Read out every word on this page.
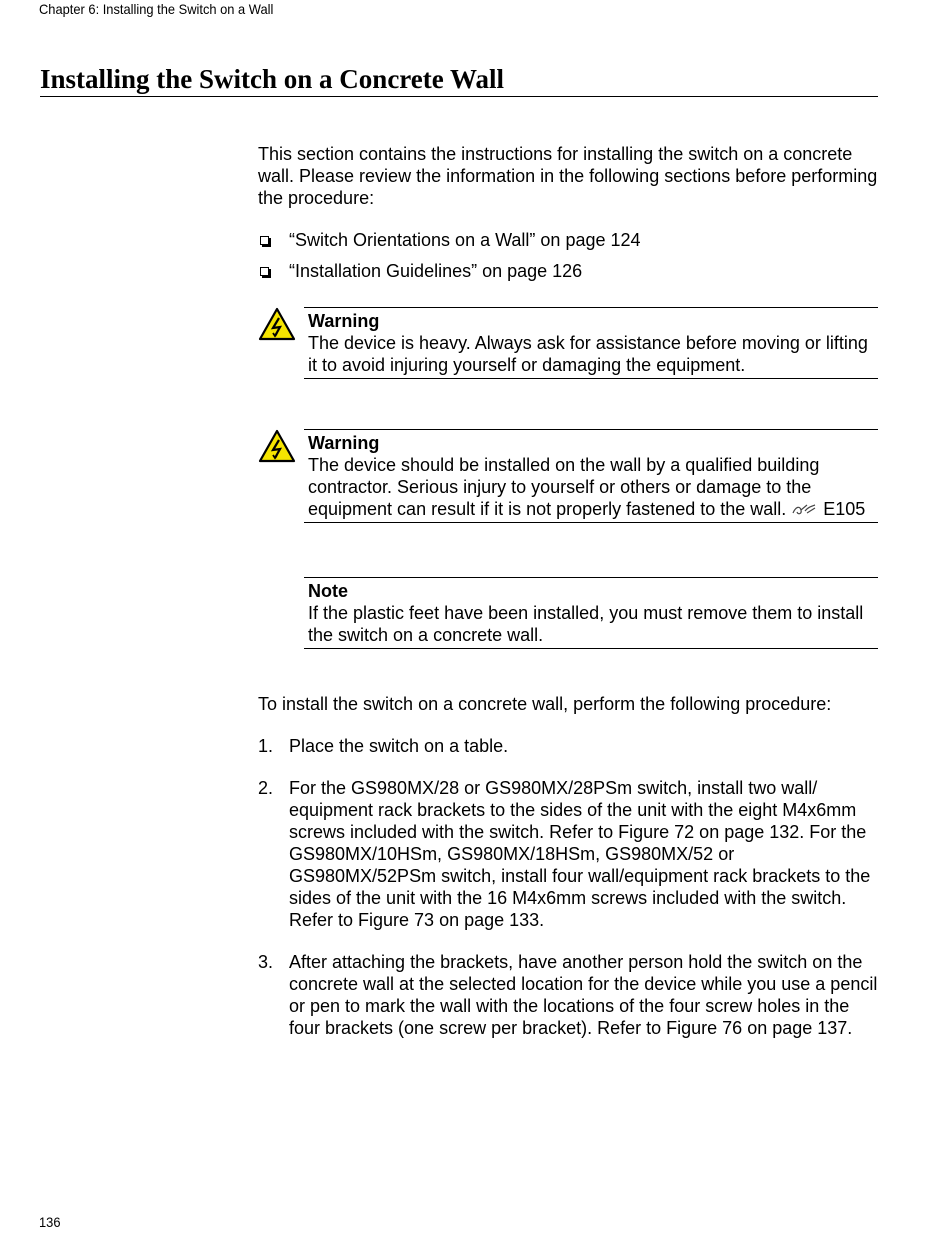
Chapter 6: Installing the Switch on a Wall
Installing the Switch on a Concrete Wall

This section contains the instructions for installing the switch on a concrete wall. Please review the information in the following sections before performing the procedure:

“Switch Orientations on a Wall” on page 124
“Installation Guidelines” on page 126
Warning
The device is heavy. Always ask for assistance before moving or lifting it to avoid injuring yourself or damaging the equipment.
Warning
The device should be installed on the wall by a qualified building contractor. Serious injury to yourself or others or damage to the equipment can result if it is not properly fastened to the wall. E105
Note
If the plastic feet have been installed, you must remove them to install the switch on a concrete wall.

To install the switch on a concrete wall, perform the following procedure:

1. Place the switch on a table.
2. For the GS980MX/28 or GS980MX/28PSm switch, install two wall/ equipment rack brackets to the sides of the unit with the eight M4x6mm screws included with the switch. Refer to Figure 72 on page 132. For the GS980MX/10HSm, GS980MX/18HSm, GS980MX/52 or GS980MX/52PSm switch, install four wall/equipment rack brackets to the sides of the unit with the 16 M4x6mm screws included with the switch. Refer to Figure 73 on page 133.
3. After attaching the brackets, have another person hold the switch on the concrete wall at the selected location for the device while you use a pencil or pen to mark the wall with the locations of the four screw holes in the four brackets (one screw per bracket). Refer to Figure 76 on page 137.
136
